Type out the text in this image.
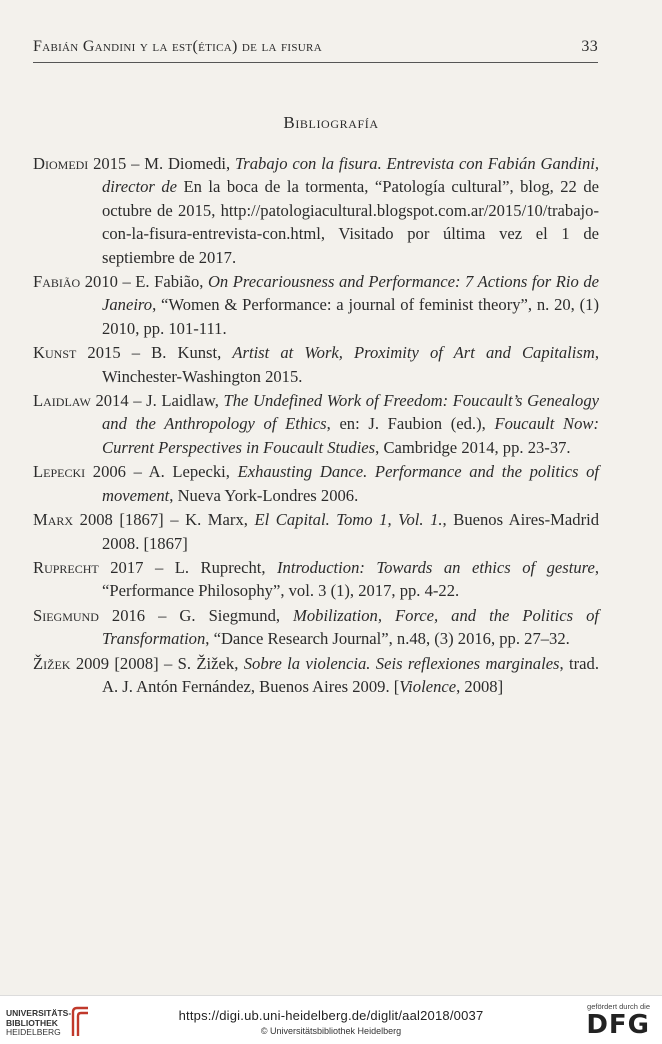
Fabián Gandini y la est(ética) de la fisura	33
Bibliografía

Diomedi 2015 – M. Diomedi, Trabajo con la fisura. Entrevista con Fabián Gandini, director de En la boca de la tormenta, “Patología cultural”, blog, 22 de octubre de 2015, http://patologiacultural.blogspot.com.ar/2015/10/trabajo-con-la-fisura-entrevista-con.html, Visitado por última vez el 1 de septiembre de 2017.

Fabião 2010 – E. Fabião, On Precariousness and Performance: 7 Actions for Rio de Janeiro, “Women & Performance: a journal of feminist theory”, n. 20, (1) 2010, pp. 101-111.

Kunst 2015 – B. Kunst, Artist at Work, Proximity of Art and Capitalism, Winchester-Washington 2015.

Laidlaw 2014 – J. Laidlaw, The Undefined Work of Freedom: Foucault’s Genealogy and the Anthropology of Ethics, en: J. Faubion (ed.), Foucault Now: Current Perspectives in Foucault Studies, Cambridge 2014, pp. 23-37.

Lepecki 2006 – A. Lepecki, Exhausting Dance. Performance and the politics of movement, Nueva York-Londres 2006.

Marx 2008 [1867] – K. Marx, El Capital. Tomo 1, Vol. 1., Buenos Aires-Madrid 2008. [1867]

Ruprecht 2017 – L. Ruprecht, Introduction: Towards an ethics of gesture, “Performance Philosophy”, vol. 3 (1), 2017, pp. 4-22.

Siegmund 2016 – G. Siegmund, Mobilization, Force, and the Politics of Transformation, “Dance Research Journal”, n.48, (3) 2016, pp. 27–32.

Žižek 2009 [2008] – S. Žižek, Sobre la violencia. Seis reflexiones marginales, trad. A. J. Antón Fernández, Buenos Aires 2009. [Violence, 2008]

UNIVERSITÄTS-
BIBLIOTHEK
HEIDELBERG
https://digi.ub.uni-heidelberg.de/diglit/aal2018/0037
© Universitätsbibliothek Heidelberg
gefördert durch die
DFG
